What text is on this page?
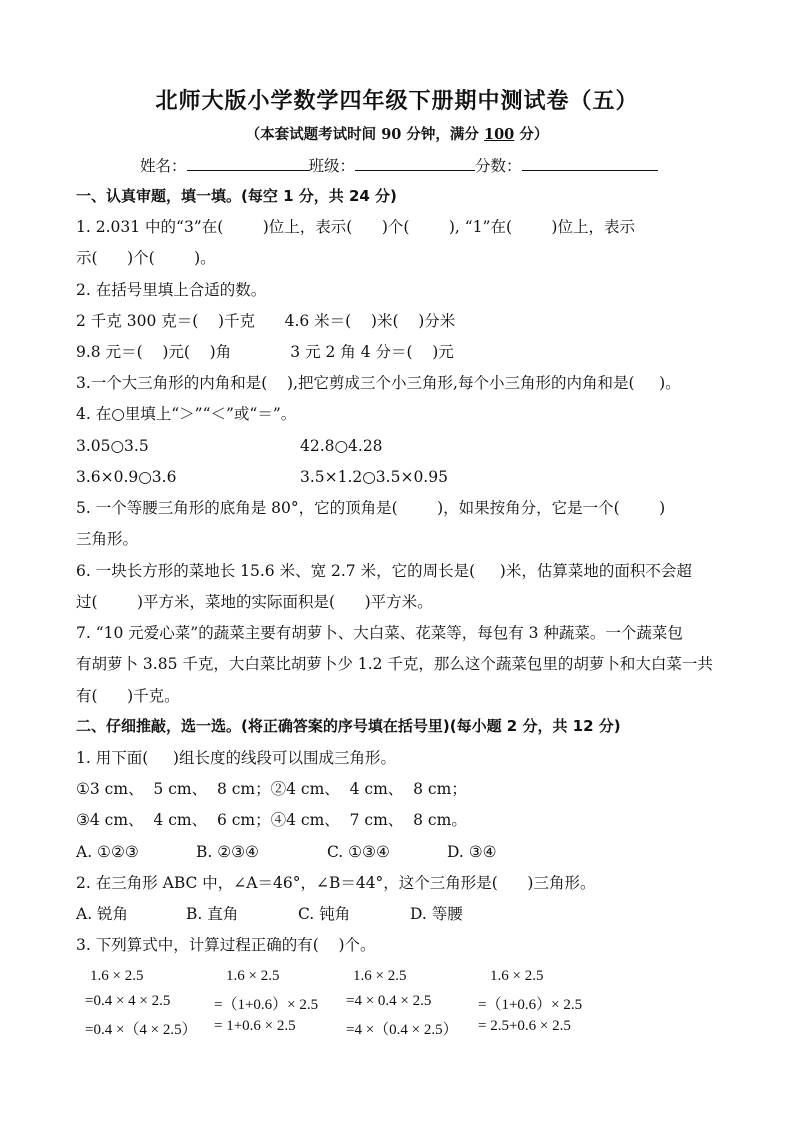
北师大版小学数学四年级下册期中测试卷（五）
（本套试题考试时间 90 分钟，满分 100 分）
姓名：	班级：	分数：
一、认真审题，填一填。(每空 1 分，共 24 分)
1. 2.031 中的“3”在(        )位上，表示(      )个(        ), “1”在(        )位上，表示
示(      )个(        )。
2. 在括号里填上合适的数。
2 千克 300 克＝(    )千克      4.6 米＝(    )米(    )分米
9.8 元＝(    )元(    )角            3 元 2 角 4 分＝(    )元
3.一个大三角形的内角和是(    ),把它剪成三个小三角形,每个小三角形的内角和是(     )。
4. 在○里填上“＞”“＜”或“＝”。
3.05○3.5	42.8○4.28
3.6×0.9○3.6	3.5×1.2○3.5×0.95
5. 一个等腰三角形的底角是 80°，它的顶角是(        )，如果按角分，它是一个(        )
三角形。
6. 一块长方形的菜地长 15.6 米、宽 2.7 米，它的周长是(     )米，估算菜地的面积不会超
过(        )平方米，菜地的实际面积是(      )平方米。
7. “10 元爱心菜”的蔬菜主要有胡萝卜、大白菜、花菜等，每包有 3 种蔬菜。一个蔬菜包
有胡萝卜 3.85 千克，大白菜比胡萝卜少 1.2 千克，那么这个蔬菜包里的胡萝卜和大白菜一共
有(      )千克。
二、仔细推敲，选一选。(将正确答案的序号填在括号里)(每小题 2 分，共 12 分)
1. 用下面(     )组长度的线段可以围成三角形。
①3 cm、  5 cm、  8 cm；②4 cm、  4 cm、  8 cm；
③4 cm、  4 cm、  6 cm；④4 cm、  7 cm、  8 cm。
A. ①②③	B. ②③④	C. ①③④	D. ③④
2. 在三角形 ABC 中，∠A＝46°，∠B＝44°，这个三角形是(      )三角形。
A. 锐角	B. 直角	C. 钝角	D. 等腰
3. 下列算式中，计算过程正确的有(    )个。
1.6 × 2.5
=0.4 × 4 × 2.5
=0.4 ×（4 × 2.5）
1.6 × 2.5
=（1+0.6）× 2.5
= 1+0.6 × 2.5
1.6 × 2.5
=4 × 0.4 × 2.5
=4 ×（0.4 × 2.5）
1.6 × 2.5
=（1+0.6）× 2.5
= 2.5+0.6 × 2.5
